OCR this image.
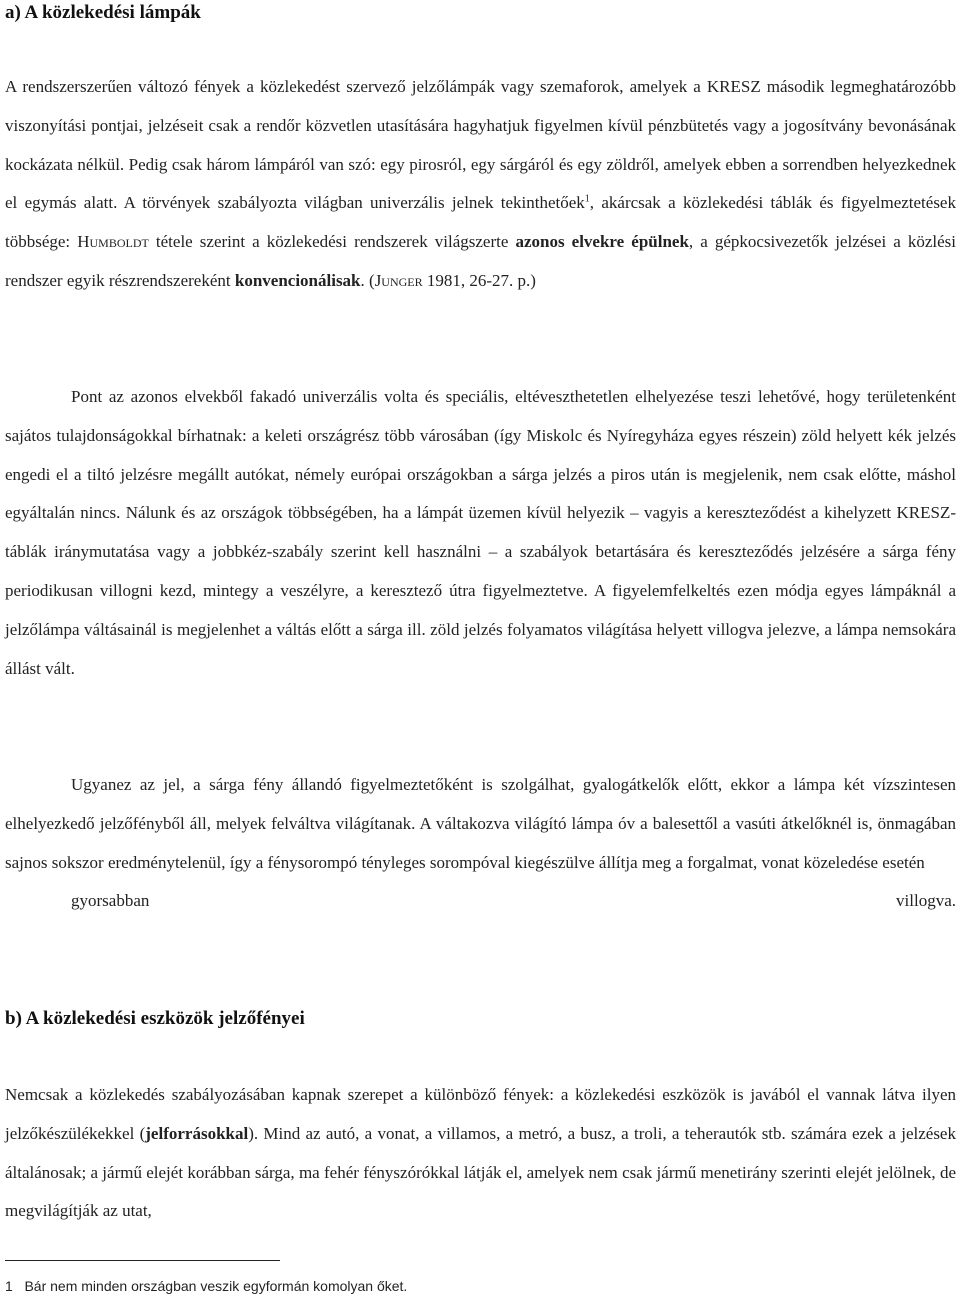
a) A közlekedési lámpák

A rendszerszerűen változó fények a közlekedést szervező jelzőlámpák vagy szemaforok, amelyek a KRESZ második legmeghatározóbb viszonyítási pontjai, jelzéseit csak a rendőr közvetlen utasítására hagyhatjuk figyelmen kívül pénzbütetés vagy a jogosítvány bevonásának kockázata nélkül. Pedig csak három lámpáról van szó: egy pirosról, egy sárgáról és egy zöldről, amelyek ebben a sorrendben helyezkednek el egymás alatt. A törvények szabályozta világban univerzális jelnek tekinthetőek$^1$, akárcsak a közlekedési táblák és figyelmeztetések többsége: Humboldt tétele szerint a közlekedési rendszerek világszerte azonos elvekre épülnek, a gépkocsivezetők jelzései a közlési rendszer egyik részrendszereként konvencionálisak. (Junger 1981, 26-27. p.)

Pont az azonos elvekből fakadó univerzális volta és speciális, eltéveszthetetlen elhelyezése teszi lehetővé, hogy területenként sajátos tulajdonságokkal bírhatnak: a keleti országrész több városában (így Miskolc és Nyíregyháza egyes részein) zöld helyett kék jelzés engedi el a tiltó jelzésre megállt autókat, némely európai országokban a sárga jelzés a piros után is megjelenik, nem csak előtte, máshol egyáltalán nincs. Nálunk és az országok többségében, ha a lámpát üzemen kívül helyezik – vagyis a kereszteződést a kihelyzett KRESZ-táblák iránymutatása vagy a jobbkéz-szabály szerint kell használni – a szabályok betartására és kereszteződés jelzésére a sárga fény periodikusan villogni kezd, mintegy a veszélyre, a keresztező útra figyelmeztetve. A figyelemfelkeltés ezen módja egyes lámpáknál a jelzőlámpa váltásainál is megjelenhet a váltás előtt a sárga ill. zöld jelzés folyamatos világítása helyett villogva jelezve, a lámpa nemsokára állást vált.

Ugyanez az jel, a sárga fény állandó figyelmeztetőként is szolgálhat, gyalogátkelők előtt, ekkor a lámpa két vízszintesen elhelyezkedő jelzőfényből áll, melyek felváltva világítanak. A váltakozva világító lámpa óv a balesettől a vasúti átkelőknél is, önmagában sajnos sokszor eredménytelenül, így a fénysorompó tényleges sorompóval kiegészülve állítja meg a forgalmat, vonat közeledése esetén
gyorsabban villogva.

b) A közlekedési eszközök jelzőfényei

Nemcsak a közlekedés szabályozásában kapnak szerepet a különböző fények: a közlekedési eszközök is javából el vannak látva ilyen jelzőkészülékekkel (jelforrásokkal). Mind az autó, a vonat, a villamos, a metró, a busz, a troli, a teherautók stb. számára ezek a jelzések általánosak; a jármű elejét korábban sárga, ma fehér fényszórókkal látják el, amelyek nem csak jármű menetirány szerinti elejét jelölnek, de megvilágítják az utat,

1 Bár nem minden országban veszik egyformán komolyan őket.
